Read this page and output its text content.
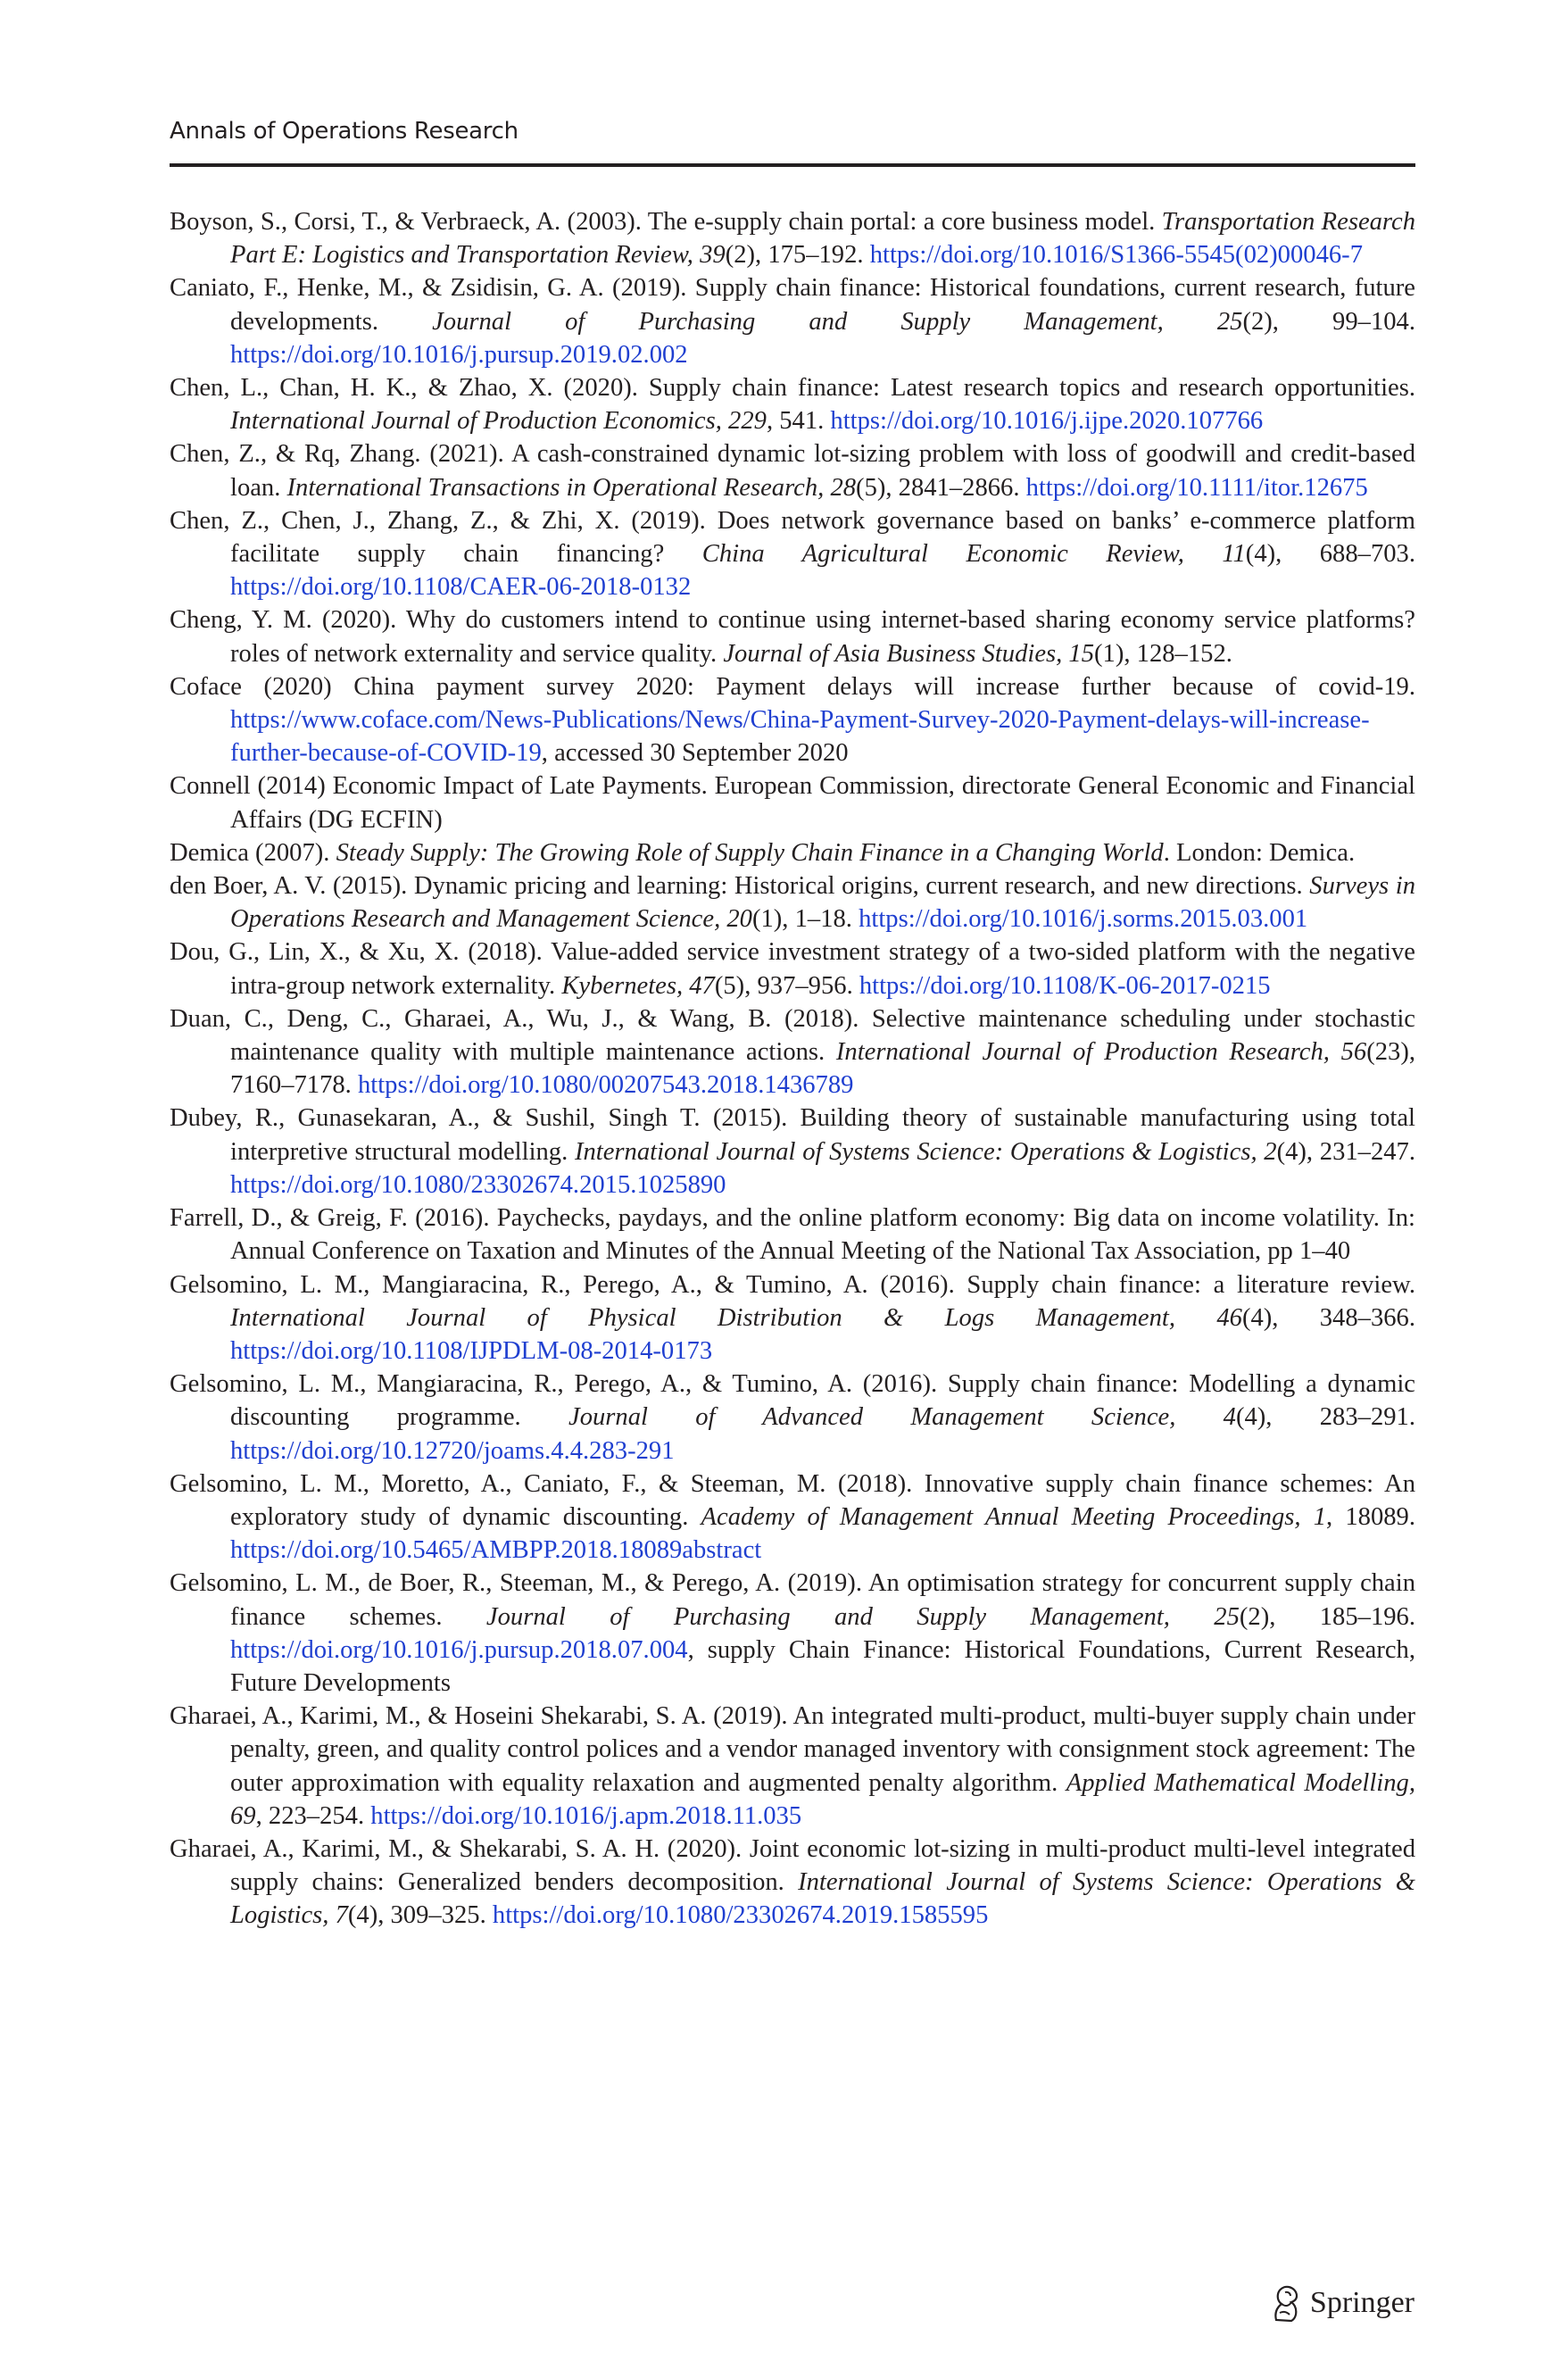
Annals of Operations Research
Boyson, S., Corsi, T., & Verbraeck, A. (2003). The e-supply chain portal: a core business model. Transportation Research Part E: Logistics and Transportation Review, 39(2), 175–192. https://doi.org/10.1016/S1366-5545(02)00046-7
Caniato, F., Henke, M., & Zsidisin, G. A. (2019). Supply chain finance: Historical foundations, current research, future developments. Journal of Purchasing and Supply Management, 25(2), 99–104. https://doi.org/10.1016/j.pursup.2019.02.002
Chen, L., Chan, H. K., & Zhao, X. (2020). Supply chain finance: Latest research topics and research opportunities. International Journal of Production Economics, 229, 541. https://doi.org/10.1016/j.ijpe.2020.107766
Chen, Z., & Rq, Zhang. (2021). A cash-constrained dynamic lot-sizing problem with loss of goodwill and credit-based loan. International Transactions in Operational Research, 28(5), 2841–2866. https://doi.org/10.1111/itor.12675
Chen, Z., Chen, J., Zhang, Z., & Zhi, X. (2019). Does network governance based on banks’ e-commerce platform facilitate supply chain financing? China Agricultural Economic Review, 11(4), 688–703. https://doi.org/10.1108/CAER-06-2018-0132
Cheng, Y. M. (2020). Why do customers intend to continue using internet-based sharing economy service platforms? roles of network externality and service quality. Journal of Asia Business Studies, 15(1), 128–152.
Coface (2020) China payment survey 2020: Payment delays will increase further because of covid-19. https://www.coface.com/News-Publications/News/China-Payment-Survey-2020-Payment-delays-will-increase-further-because-of-COVID-19, accessed 30 September 2020
Connell (2014) Economic Impact of Late Payments. European Commission, directorate General Economic and Financial Affairs (DG ECFIN)
Demica (2007). Steady Supply: The Growing Role of Supply Chain Finance in a Changing World. London: Demica.
den Boer, A. V. (2015). Dynamic pricing and learning: Historical origins, current research, and new directions. Surveys in Operations Research and Management Science, 20(1), 1–18. https://doi.org/10.1016/j.sorms.2015.03.001
Dou, G., Lin, X., & Xu, X. (2018). Value-added service investment strategy of a two-sided platform with the negative intra-group network externality. Kybernetes, 47(5), 937–956. https://doi.org/10.1108/K-06-2017-0215
Duan, C., Deng, C., Gharaei, A., Wu, J., & Wang, B. (2018). Selective maintenance scheduling under stochastic maintenance quality with multiple maintenance actions. International Journal of Production Research, 56(23), 7160–7178. https://doi.org/10.1080/00207543.2018.1436789
Dubey, R., Gunasekaran, A., & Sushil, Singh T. (2015). Building theory of sustainable manufacturing using total interpretive structural modelling. International Journal of Systems Science: Operations & Logistics, 2(4), 231–247. https://doi.org/10.1080/23302674.2015.1025890
Farrell, D., & Greig, F. (2016). Paychecks, paydays, and the online platform economy: Big data on income volatility. In: Annual Conference on Taxation and Minutes of the Annual Meeting of the National Tax Association, pp 1–40
Gelsomino, L. M., Mangiaracina, R., Perego, A., & Tumino, A. (2016). Supply chain finance: a literature review. International Journal of Physical Distribution & Logs Management, 46(4), 348–366. https://doi.org/10.1108/IJPDLM-08-2014-0173
Gelsomino, L. M., Mangiaracina, R., Perego, A., & Tumino, A. (2016). Supply chain finance: Modelling a dynamic discounting programme. Journal of Advanced Management Science, 4(4), 283–291. https://doi.org/10.12720/joams.4.4.283-291
Gelsomino, L. M., Moretto, A., Caniato, F., & Steeman, M. (2018). Innovative supply chain finance schemes: An exploratory study of dynamic discounting. Academy of Management Annual Meeting Proceedings, 1, 18089. https://doi.org/10.5465/AMBPP.2018.18089abstract
Gelsomino, L. M., de Boer, R., Steeman, M., & Perego, A. (2019). An optimisation strategy for concurrent supply chain finance schemes. Journal of Purchasing and Supply Management, 25(2), 185–196. https://doi.org/10.1016/j.pursup.2018.07.004, supply Chain Finance: Historical Foundations, Current Research, Future Developments
Gharaei, A., Karimi, M., & Hoseini Shekarabi, S. A. (2019). An integrated multi-product, multi-buyer supply chain under penalty, green, and quality control polices and a vendor managed inventory with consignment stock agreement: The outer approximation with equality relaxation and augmented penalty algorithm. Applied Mathematical Modelling, 69, 223–254. https://doi.org/10.1016/j.apm.2018.11.035
Gharaei, A., Karimi, M., & Shekarabi, S. A. H. (2020). Joint economic lot-sizing in multi-product multi-level integrated supply chains: Generalized benders decomposition. International Journal of Systems Science: Operations & Logistics, 7(4), 309–325. https://doi.org/10.1080/23302674.2019.1585595
Springer
